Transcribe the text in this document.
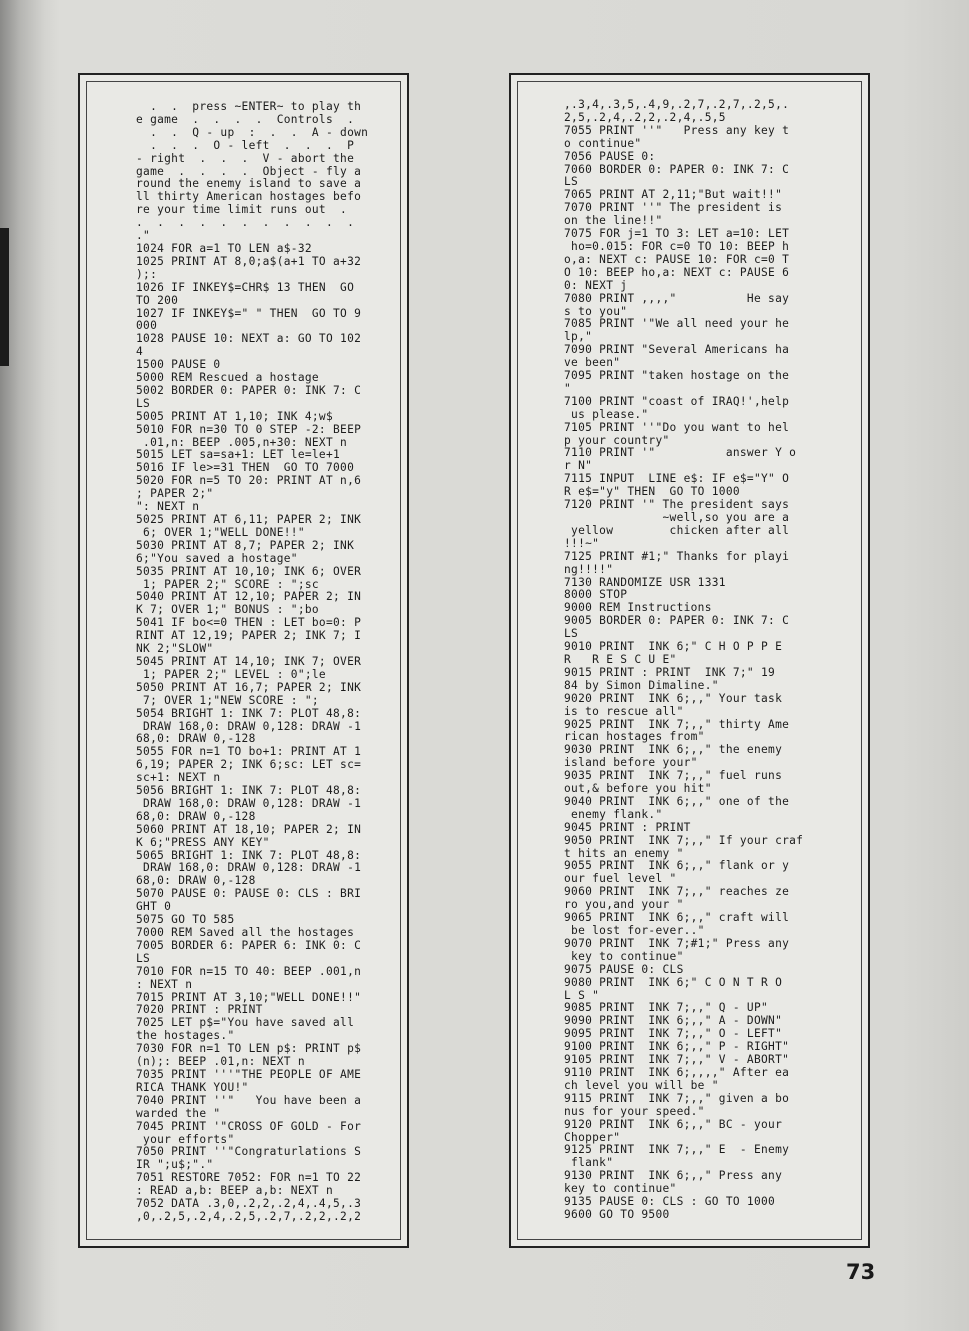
.  .  press ~ENTER~ to play th
e game  .  .  .  .  Controls  .
.  .  Q - up  :  .  .  A - down
.  .  .  O - left  .  .  .  P
- right  .  .  .  V - abort the
game  .  .  .  .  Object - fly a
round the enemy island to save a
ll thirty American hostages befo
re your time limit runs out  .
.  .  .  .  .  .  .  .  .  .  .
."
1024 FOR a=1 TO LEN a$-32
1025 PRINT AT 8,0;a$(a+1 TO a+32
);:
1026 IF INKEY$=CHR$ 13 THEN  GO
TO 200
1027 IF INKEY$=" " THEN  GO TO 9
000
1028 PAUSE 10: NEXT a: GO TO 102
4
1500 PAUSE 0
5000 REM Rescued a hostage
5002 BORDER 0: PAPER 0: INK 7: C
LS
5005 PRINT AT 1,10; INK 4;w$
5010 FOR n=30 TO 0 STEP -2: BEEP
.01,n: BEEP .005,n+30: NEXT n
5015 LET sa=sa+1: LET le=le+1
5016 IF le>=31 THEN  GO TO 7000
5020 FOR n=5 TO 20: PRINT AT n,6
; PAPER 2;"
": NEXT n
5025 PRINT AT 6,11; PAPER 2; INK
6; OVER 1;"WELL DONE!!"
5030 PRINT AT 8,7; PAPER 2; INK
6;"You saved a hostage"
5035 PRINT AT 10,10; INK 6; OVER
1; PAPER 2;" SCORE : ";sc
5040 PRINT AT 12,10; PAPER 2; IN
K 7; OVER 1;" BONUS : ";bo
5041 IF bo<=0 THEN : LET bo=0: P
RINT AT 12,19; PAPER 2; INK 7; I
NK 2;"SLOW"
5045 PRINT AT 14,10; INK 7; OVER
1; PAPER 2;" LEVEL : 0";le
5050 PRINT AT 16,7; PAPER 2; INK
7; OVER 1;"NEW SCORE : ";
5054 BRIGHT 1: INK 7: PLOT 48,8:
DRAW 168,0: DRAW 0,128: DRAW -1
68,0: DRAW 0,-128
5055 FOR n=1 TO bo+1: PRINT AT 1
6,19; PAPER 2; INK 6;sc: LET sc=
sc+1: NEXT n
5056 BRIGHT 1: INK 7: PLOT 48,8:
DRAW 168,0: DRAW 0,128: DRAW -1
68,0: DRAW 0,-128
5060 PRINT AT 18,10; PAPER 2; IN
K 6;"PRESS ANY KEY"
5065 BRIGHT 1: INK 7: PLOT 48,8:
DRAW 168,0: DRAW 0,128: DRAW -1
68,0: DRAW 0,-128
5070 PAUSE 0: PAUSE 0: CLS : BRI
GHT 0
5075 GO TO 585
7000 REM Saved all the hostages
7005 BORDER 6: PAPER 6: INK 0: C
LS
7010 FOR n=15 TO 40: BEEP .001,n
: NEXT n
7015 PRINT AT 3,10;"WELL DONE!!"
7020 PRINT : PRINT
7025 LET p$="You have saved all
the hostages."
7030 FOR n=1 TO LEN p$: PRINT p$
(n);: BEEP .01,n: NEXT n
7035 PRINT '''"THE PEOPLE OF AME
RICA THANK YOU!"
7040 PRINT ''"   You have been a
warded the "
7045 PRINT '"CROSS OF GOLD - For
your efforts"
7050 PRINT ''"Congraturlations S
IR ";u$;"."
7051 RESTORE 7052: FOR n=1 TO 22
: READ a,b: BEEP a,b: NEXT n
7052 DATA .3,0,.2,2,.2,4,.4,5,.3
,0,.2,5,.2,4,.2,5,.2,7,.2,2,.2,2
,.3,4,.3,5,.4,9,.2,7,.2,7,.2,5,.
2,5,.2,4,.2,2,.2,4,.5,5
7055 PRINT ''"   Press any key t
o continue"
7056 PAUSE 0:
7060 BORDER 0: PAPER 0: INK 7: C
LS
7065 PRINT AT 2,11;"But wait!!"
7070 PRINT ''" The president is
on the line!!"
7075 FOR j=1 TO 3: LET a=10: LET
ho=0.015: FOR c=0 TO 10: BEEP h
o,a: NEXT c: PAUSE 10: FOR c=0 T
O 10: BEEP ho,a: NEXT c: PAUSE 6
0: NEXT j
7080 PRINT ,,,,"          He say
s to you"
7085 PRINT '"We all need your he
lp,"
7090 PRINT "Several Americans ha
ve been"
7095 PRINT "taken hostage on the
"
7100 PRINT "coast of IRAQ!',help
us please."
7105 PRINT ''"Do you want to hel
p your country"
7110 PRINT '"          answer Y o
r N"
7115 INPUT  LINE e$: IF e$="Y" O
R e$="y" THEN  GO TO 1000
7120 PRINT '" The president says
~well,so you are a
yellow        chicken after all
!!!~"
7125 PRINT #1;" Thanks for playi
ng!!!!"
7130 RANDOMIZE USR 1331
8000 STOP
9000 REM Instructions
9005 BORDER 0: PAPER 0: INK 7: C
LS
9010 PRINT  INK 6;" C H O P P E
R   R E S C U E"
9015 PRINT : PRINT  INK 7;" 19
84 by Simon Dimaline."
9020 PRINT  INK 6;,," Your task
is to rescue all"
9025 PRINT  INK 7;,," thirty Ame
rican hostages from"
9030 PRINT  INK 6;,," the enemy
island before your"
9035 PRINT  INK 7;,," fuel runs
out,& before you hit"
9040 PRINT  INK 6;,," one of the
enemy flank."
9045 PRINT : PRINT
9050 PRINT  INK 7;,," If your craf
t hits an enemy "
9055 PRINT  INK 6;,," flank or y
our fuel level "
9060 PRINT  INK 7;,," reaches ze
ro you,and your "
9065 PRINT  INK 6;,," craft will
be lost for-ever.."
9070 PRINT  INK 7;#1;" Press any
key to continue"
9075 PAUSE 0: CLS
9080 PRINT  INK 6;" C O N T R O
L S "
9085 PRINT  INK 7;,," Q - UP"
9090 PRINT  INK 6;,," A - DOWN"
9095 PRINT  INK 7;,," O - LEFT"
9100 PRINT  INK 6;,," P - RIGHT"
9105 PRINT  INK 7;,," V - ABORT"
9110 PRINT  INK 6;,,,," After ea
ch level you will be "
9115 PRINT  INK 7;,," given a bo
nus for your speed."
9120 PRINT  INK 6;,," BC - your
Chopper"
9125 PRINT  INK 7;,," E  - Enemy
flank"
9130 PRINT  INK 6;,," Press any
key to continue"
9135 PAUSE 0: CLS : GO TO 1000
9600 GO TO 9500
73
